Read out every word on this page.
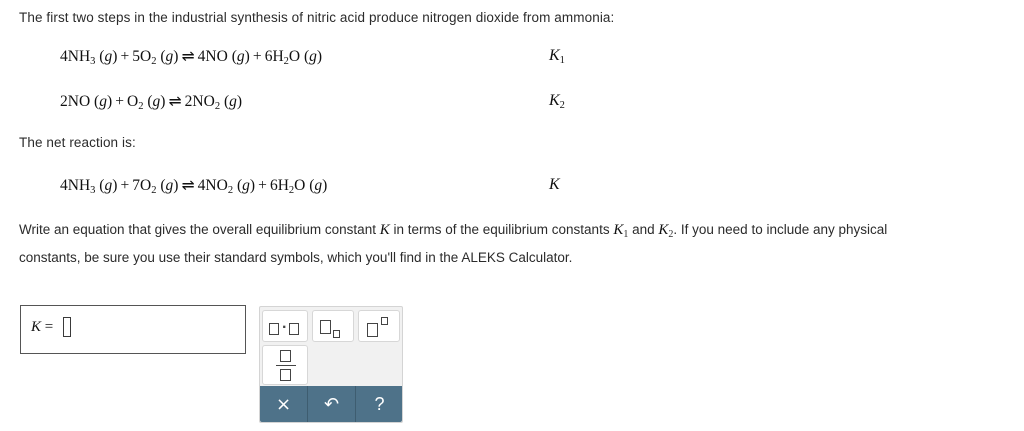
The first two steps in the industrial synthesis of nitric acid produce nitrogen dioxide from ammonia:
$4NH_3$ $(g) + 5O_2$ (g) ⇌  4NO $(g) + 6H_2O$ (g)	$K_1$
2NO $(g) + O_2$ (g) ⇌  $2NO_2$ (g)	$K_2$
The net reaction is:
$4NH_3$ $(g) + 7O_2$ (g) ⇌  $4NO_2$ $(g) + 6H_2O$ (g)	K
Write an equation that gives the overall equilibrium constant K in terms of the equilibrium constants $K_1$ and $K_2$. If you need to include any physical
constants, be sure you use their standard symbols, which you'll find in the ALEKS Calculator.
K =	·
× ↶ ?
